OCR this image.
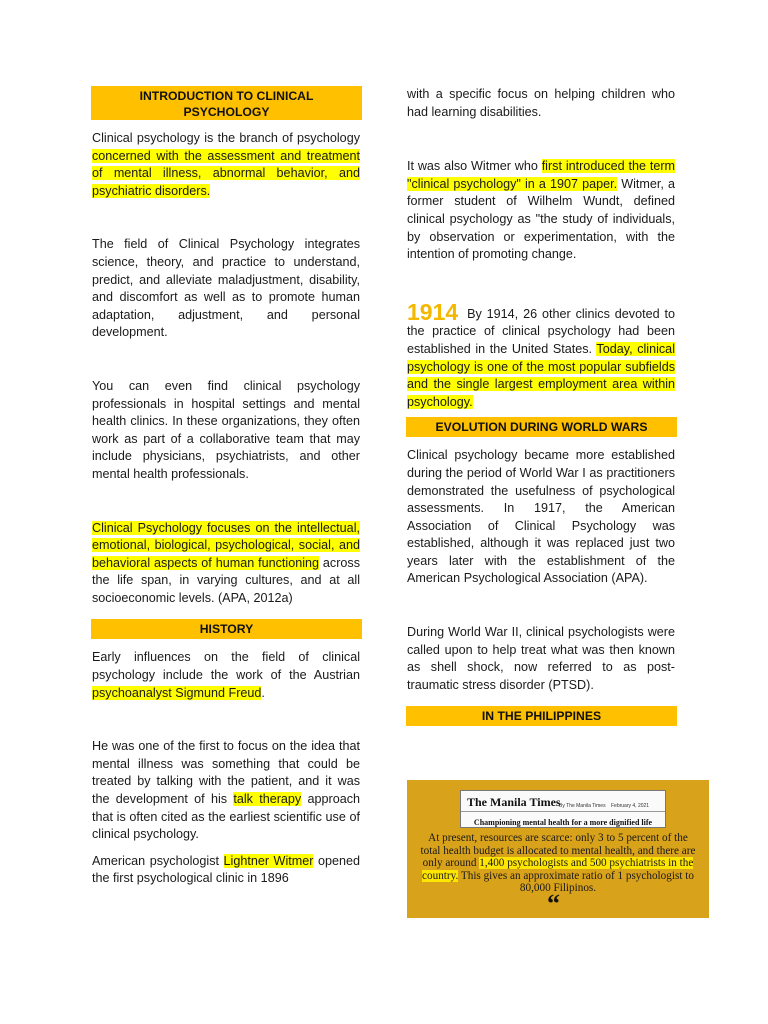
INTRODUCTION TO CLINICAL PSYCHOLOGY

Clinical psychology is the branch of psychology concerned with the assessment and treatment of mental illness, abnormal behavior, and psychiatric disorders.

The field of Clinical Psychology integrates science, theory, and practice to understand, predict, and alleviate maladjustment, disability, and discomfort as well as to promote human adaptation, adjustment, and personal development.

You can even find clinical psychology professionals in hospital settings and mental health clinics. In these organizations, they often work as part of a collaborative team that may include physicians, psychiatrists, and other mental health professionals.

Clinical Psychology focuses on the intellectual, emotional, biological, psychological, social, and behavioral aspects of human functioning across the life span, in varying cultures, and at all socioeconomic levels. (APA, 2012a)

HISTORY

Early influences on the field of clinical psychology include the work of the Austrian psychoanalyst Sigmund Freud.

He was one of the first to focus on the idea that mental illness was something that could be treated by talking with the patient, and it was the development of his talk therapy approach that is often cited as the earliest scientific use of clinical psychology.

American psychologist Lightner Witmer opened the first psychological clinic in 1896

with a specific focus on helping children who had learning disabilities.

It was also Witmer who first introduced the term "clinical psychology" in a 1907 paper. Witmer, a former student of Wilhelm Wundt, defined clinical psychology as "the study of individuals, by observation or experimentation, with the intention of promoting change.

1914 By 1914, 26 other clinics devoted to the practice of clinical psychology had been established in the United States. Today, clinical psychology is one of the most popular subfields and the single largest employment area within psychology.

EVOLUTION DURING WORLD WARS

Clinical psychology became more established during the period of World War I as practitioners demonstrated the usefulness of psychological assessments. In 1917, the American Association of Clinical Psychology was established, although it was replaced just two years later with the establishment of the American Psychological Association (APA).

During World War II, clinical psychologists were called upon to help treat what was then known as shell shock, now referred to as post-traumatic stress disorder (PTSD).

IN THE PHILIPPINES
The Manila Times
By The Manila Times February 4, 2021
Championing mental health for a more dignified life
At present, resources are scarce: only 3 to 5 percent of the total health budget is allocated to mental health, and there are only around 1,400 psychologists and 500 psychiatrists in the country. This gives an approximate ratio of 1 psychologist to 80,000 Filipinos.
“
